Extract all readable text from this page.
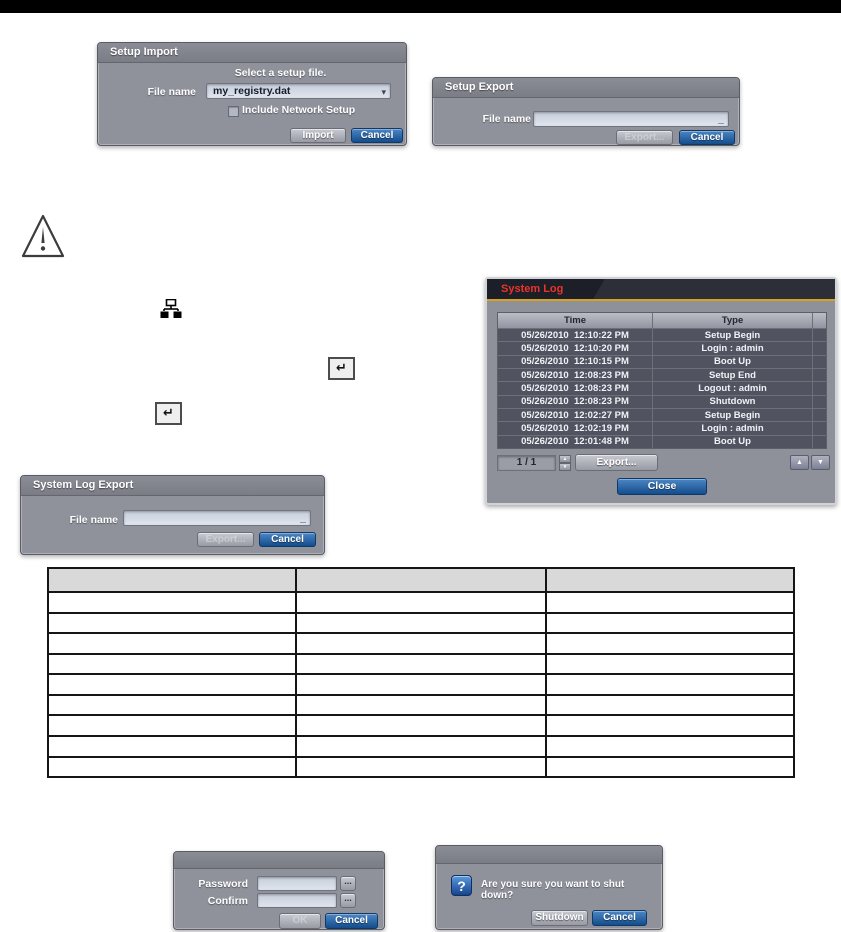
Setup Import
Select a setup file.
File name	my_registry.dat	▾
Include Network Setup
Import	Cancel
Setup Export
File name	_
Export...	Cancel
↵
↵
System Log
Time	Type
05/26/2010  12:10:22 PM	Setup Begin
05/26/2010  12:10:20 PM	Login : admin
05/26/2010  12:10:15 PM	Boot Up
05/26/2010  12:08:23 PM	Setup End
05/26/2010  12:08:23 PM	Logout : admin
05/26/2010  12:08:23 PM	Shutdown
05/26/2010  12:02:27 PM	Setup Begin
05/26/2010  12:02:19 PM	Login : admin
05/26/2010  12:01:48 PM	Boot Up
1 / 1	▲
▼	Export...	▲	▼
Close
System Log Export
File name	_
Export...	Cancel
Password	...
Confirm	...
OK	Cancel
?	Are you sure you want to shut down?
Shutdown	Cancel
